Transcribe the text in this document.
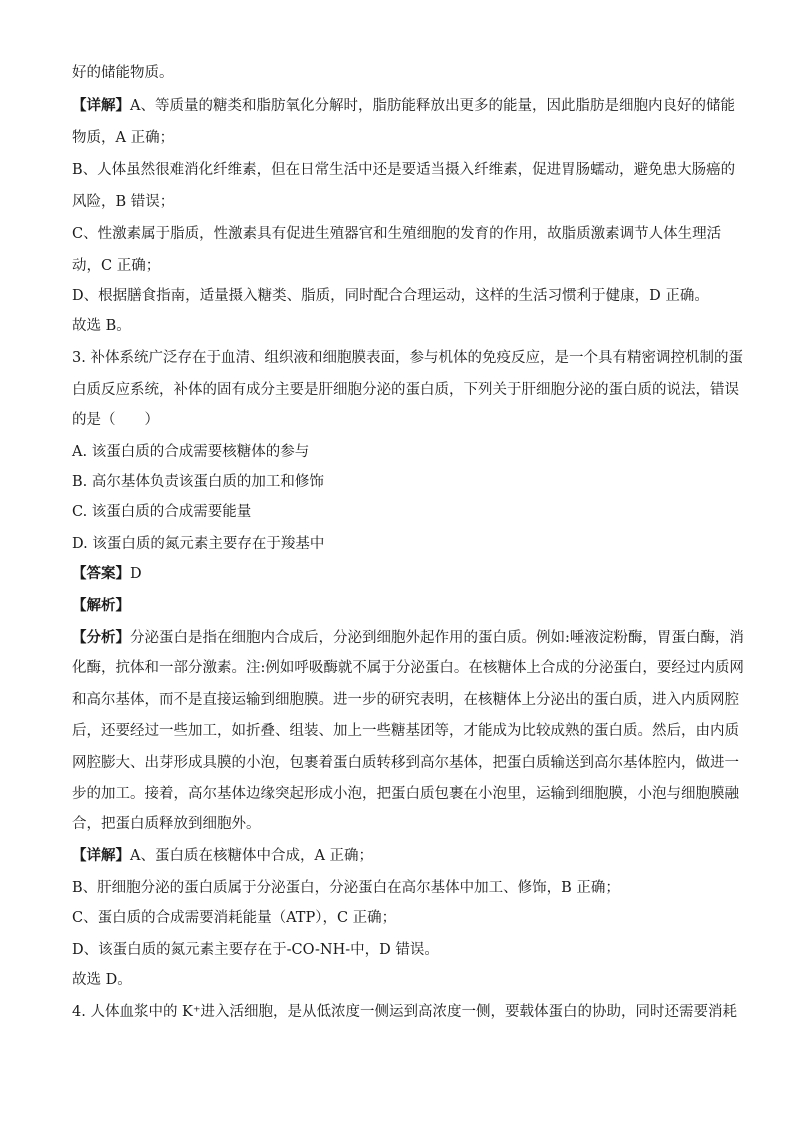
好的储能物质。
【详解】A、等质量的糖类和脂肪氧化分解时，脂肪能释放出更多的能量，因此脂肪是细胞内良好的储能
物质，A 正确；
B、人体虽然很难消化纤维素，但在日常生活中还是要适当摄入纤维素，促进胃肠蠕动，避免患大肠癌的
风险，B 错误；
C、性激素属于脂质，性激素具有促进生殖器官和生殖细胞的发育的作用，故脂质激素调节人体生理活
动，C 正确；
D、根据膳食指南，适量摄入糖类、脂质，同时配合合理运动，这样的生活习惯利于健康，D 正确。
故选 B。
3. 补体系统广泛存在于血清、组织液和细胞膜表面，参与机体的免疫反应，是一个具有精密调控机制的蛋
白质反应系统，补体的固有成分主要是肝细胞分泌的蛋白质，下列关于肝细胞分泌的蛋白质的说法，错误
的是（　　）
A. 该蛋白质的合成需要核糖体的参与
B. 高尔基体负责该蛋白质的加工和修饰
C. 该蛋白质的合成需要能量
D. 该蛋白质的氮元素主要存在于羧基中
【答案】D
【解析】
【分析】分泌蛋白是指在细胞内合成后，分泌到细胞外起作用的蛋白质。例如:唾液淀粉酶，胃蛋白酶，消
化酶，抗体和一部分激素。注:例如呼吸酶就不属于分泌蛋白。在核糖体上合成的分泌蛋白，要经过内质网
和高尔基体，而不是直接运输到细胞膜。进一步的研究表明，在核糖体上分泌出的蛋白质，进入内质网腔
后，还要经过一些加工，如折叠、组装、加上一些糖基团等，才能成为比较成熟的蛋白质。然后，由内质
网腔膨大、出芽形成具膜的小泡，包裹着蛋白质转移到高尔基体，把蛋白质输送到高尔基体腔内，做进一
步的加工。接着，高尔基体边缘突起形成小泡，把蛋白质包裹在小泡里，运输到细胞膜，小泡与细胞膜融
合，把蛋白质释放到细胞外。
【详解】A、蛋白质在核糖体中合成，A 正确；
B、肝细胞分泌的蛋白质属于分泌蛋白，分泌蛋白在高尔基体中加工、修饰，B 正确；
C、蛋白质的合成需要消耗能量（ATP），C 正确；
D、该蛋白质的氮元素主要存在于-CO-NH-中，D 错误。
故选 D。
4. 人体血浆中的 K⁺进入活细胞，是从低浓度一侧运到高浓度一侧，要载体蛋白的协助，同时还需要消耗
